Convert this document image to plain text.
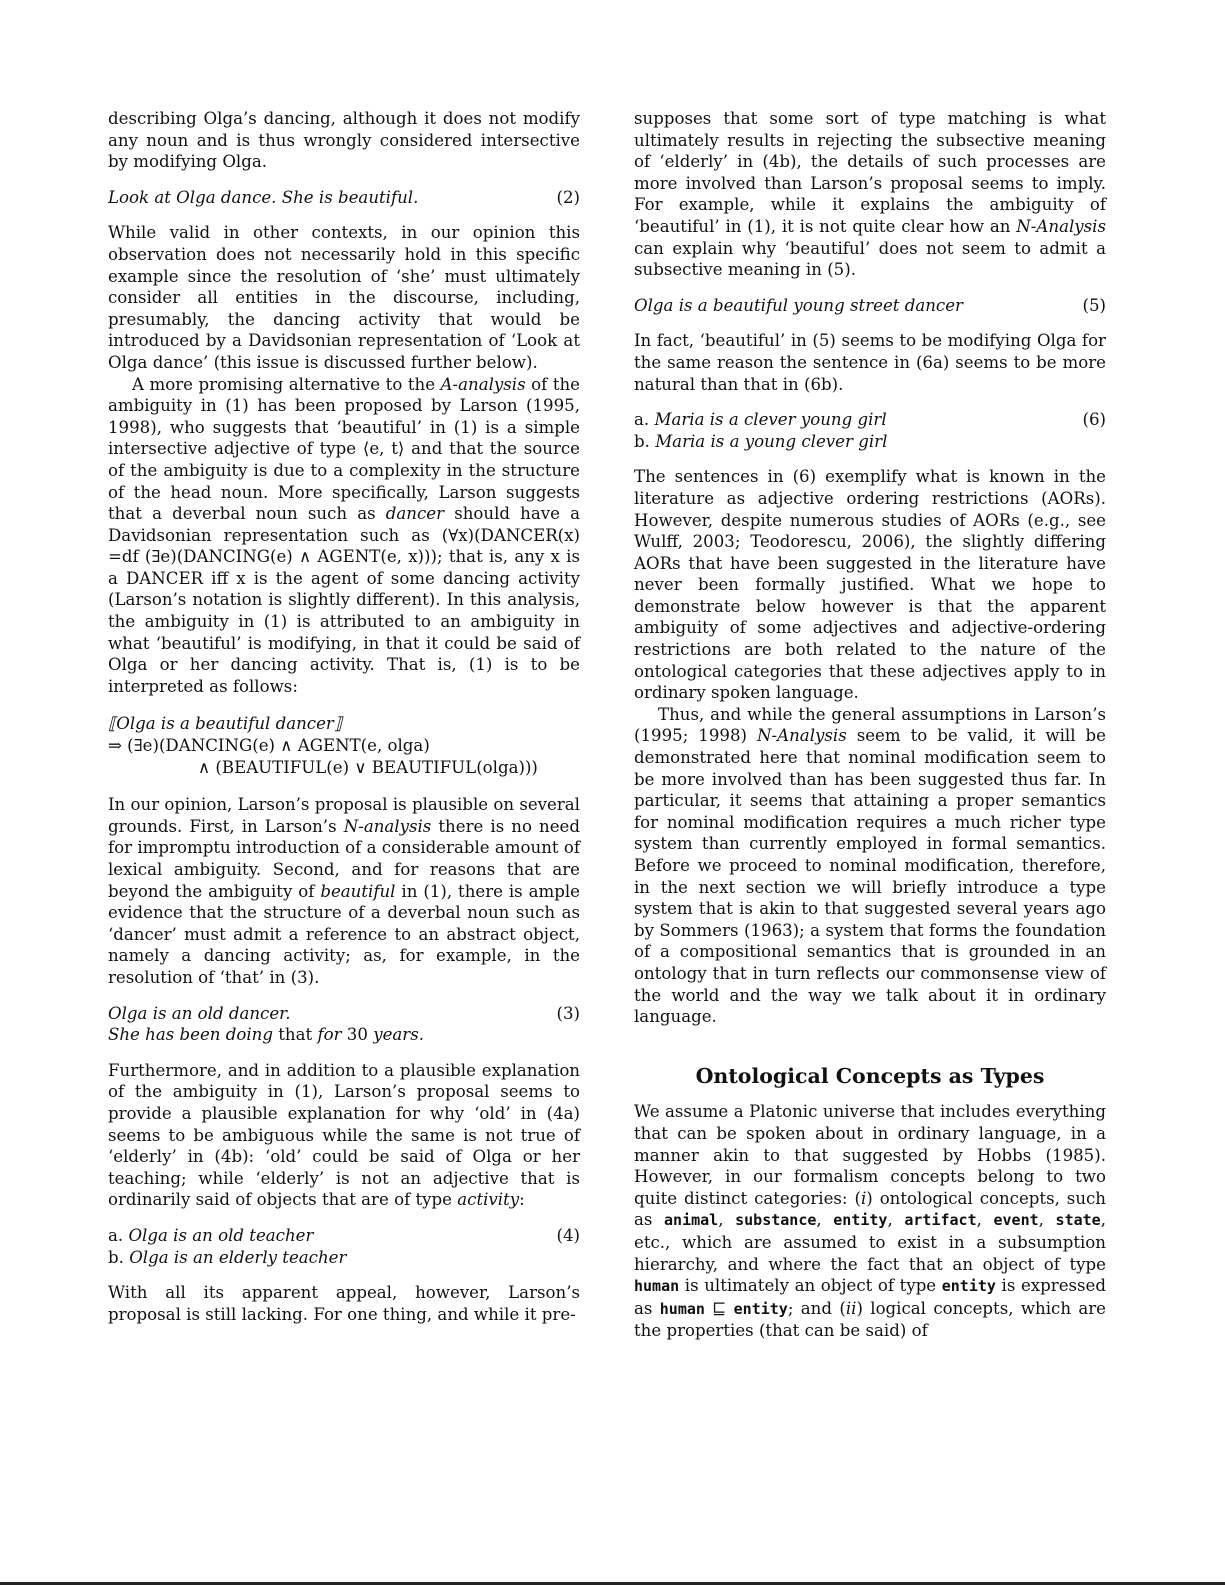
describing Olga’s dancing, although it does not modify any noun and is thus wrongly considered intersective by modifying Olga.

Look at Olga dance. She is beautiful.	(2)

While valid in other contexts, in our opinion this observation does not necessarily hold in this specific example since the resolution of ‘she’ must ultimately consider all entities in the discourse, including, presumably, the dancing activity that would be introduced by a Davidsonian representation of ‘Look at Olga dance’ (this issue is discussed further below).

A more promising alternative to the A-analysis of the ambiguity in (1) has been proposed by Larson (1995, 1998), who suggests that ‘beautiful’ in (1) is a simple intersective adjective of type ⟨e, t⟩ and that the source of the ambiguity is due to a complexity in the structure of the head noun. More specifically, Larson suggests that a deverbal noun such as dancer should have a Davidsonian representation such as (∀x)(DANCER(x) =df (∃e)(DANCING(e) ∧ AGENT(e, x))); that is, any x is a DANCER iff x is the agent of some dancing activity (Larson’s notation is slightly different). In this analysis, the ambiguity in (1) is attributed to an ambiguity in what ‘beautiful’ is modifying, in that it could be said of Olga or her dancing activity. That is, (1) is to be interpreted as follows:

⟦Olga is a beautiful dancer⟧
⇒ (∃e)(DANCING(e) ∧ AGENT(e, olga)
∧ (BEAUTIFUL(e) ∨ BEAUTIFUL(olga)))

In our opinion, Larson’s proposal is plausible on several grounds. First, in Larson’s N-analysis there is no need for impromptu introduction of a considerable amount of lexical ambiguity. Second, and for reasons that are beyond the ambiguity of beautiful in (1), there is ample evidence that the structure of a deverbal noun such as ‘dancer’ must admit a reference to an abstract object, namely a dancing activity; as, for example, in the resolution of ‘that’ in (3).

Olga is an old dancer.
She has been doing that for 30 years.
(3)

Furthermore, and in addition to a plausible explanation of the ambiguity in (1), Larson’s proposal seems to provide a plausible explanation for why ‘old’ in (4a) seems to be ambiguous while the same is not true of ‘elderly’ in (4b): ‘old’ could be said of Olga or her teaching; while ‘elderly’ is not an adjective that is ordinarily said of objects that are of type activity:

a. Olga is an old teacher
b. Olga is an elderly teacher
(4)

With all its apparent appeal, however, Larson’s proposal is still lacking. For one thing, and while it pre-

supposes that some sort of type matching is what ultimately results in rejecting the subsective meaning of ‘elderly’ in (4b), the details of such processes are more involved than Larson’s proposal seems to imply. For example, while it explains the ambiguity of ‘beautiful’ in (1), it is not quite clear how an N-Analysis can explain why ‘beautiful’ does not seem to admit a subsective meaning in (5).

Olga is a beautiful young street dancer	(5)

In fact, ‘beautiful’ in (5) seems to be modifying Olga for the same reason the sentence in (6a) seems to be more natural than that in (6b).

a. Maria is a clever young girl
b. Maria is a young clever girl
(6)

The sentences in (6) exemplify what is known in the literature as adjective ordering restrictions (AORs). However, despite numerous studies of AORs (e.g., see Wulff, 2003; Teodorescu, 2006), the slightly differing AORs that have been suggested in the literature have never been formally justified. What we hope to demonstrate below however is that the apparent ambiguity of some adjectives and adjective-ordering restrictions are both related to the nature of the ontological categories that these adjectives apply to in ordinary spoken language.

Thus, and while the general assumptions in Larson’s (1995; 1998) N-Analysis seem to be valid, it will be demonstrated here that nominal modification seem to be more involved than has been suggested thus far. In particular, it seems that attaining a proper semantics for nominal modification requires a much richer type system than currently employed in formal semantics. Before we proceed to nominal modification, therefore, in the next section we will briefly introduce a type system that is akin to that suggested several years ago by Sommers (1963); a system that forms the foundation of a compositional semantics that is grounded in an ontology that in turn reflects our commonsense view of the world and the way we talk about it in ordinary language.

Ontological Concepts as Types

We assume a Platonic universe that includes everything that can be spoken about in ordinary language, in a manner akin to that suggested by Hobbs (1985). However, in our formalism concepts belong to two quite distinct categories: (i) ontological concepts, such as animal, substance, entity, artifact, event, state, etc., which are assumed to exist in a subsumption hierarchy, and where the fact that an object of type human is ultimately an object of type entity is expressed as human ⊑ entity; and (ii) logical concepts, which are the properties (that can be said) of
